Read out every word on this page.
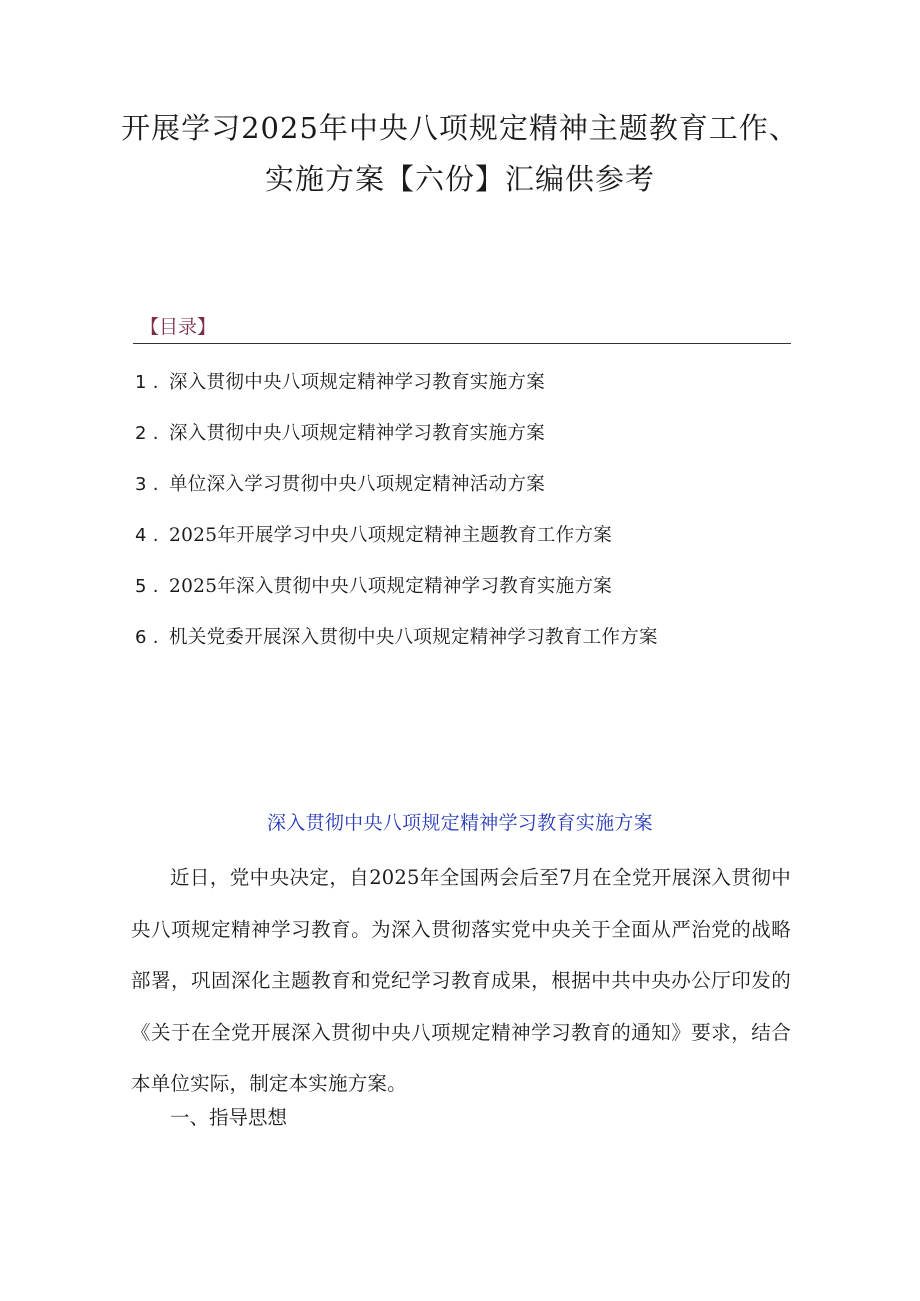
开展学习2025年中央八项规定精神主题教育工作、
实施方案【六份】汇编供参考
【目录】
1 . 深入贯彻中央八项规定精神学习教育实施方案
2 . 深入贯彻中央八项规定精神学习教育实施方案
3 . 单位深入学习贯彻中央八项规定精神活动方案
4 . 2025年开展学习中央八项规定精神主题教育工作方案
5 . 2025年深入贯彻中央八项规定精神学习教育实施方案
6 . 机关党委开展深入贯彻中央八项规定精神学习教育工作方案
深入贯彻中央八项规定精神学习教育实施方案

近日，党中央决定，自2025年全国两会后至7月在全党开展深入贯彻中央八项规定精神学习教育。为深入贯彻落实党中央关于全面从严治党的战略部署，巩固深化主题教育和党纪学习教育成果，根据中共中央办公厅印发的《关于在全党开展深入贯彻中央八项规定精神学习教育的通知》要求，结合本单位实际，制定本实施方案。

一、指导思想
